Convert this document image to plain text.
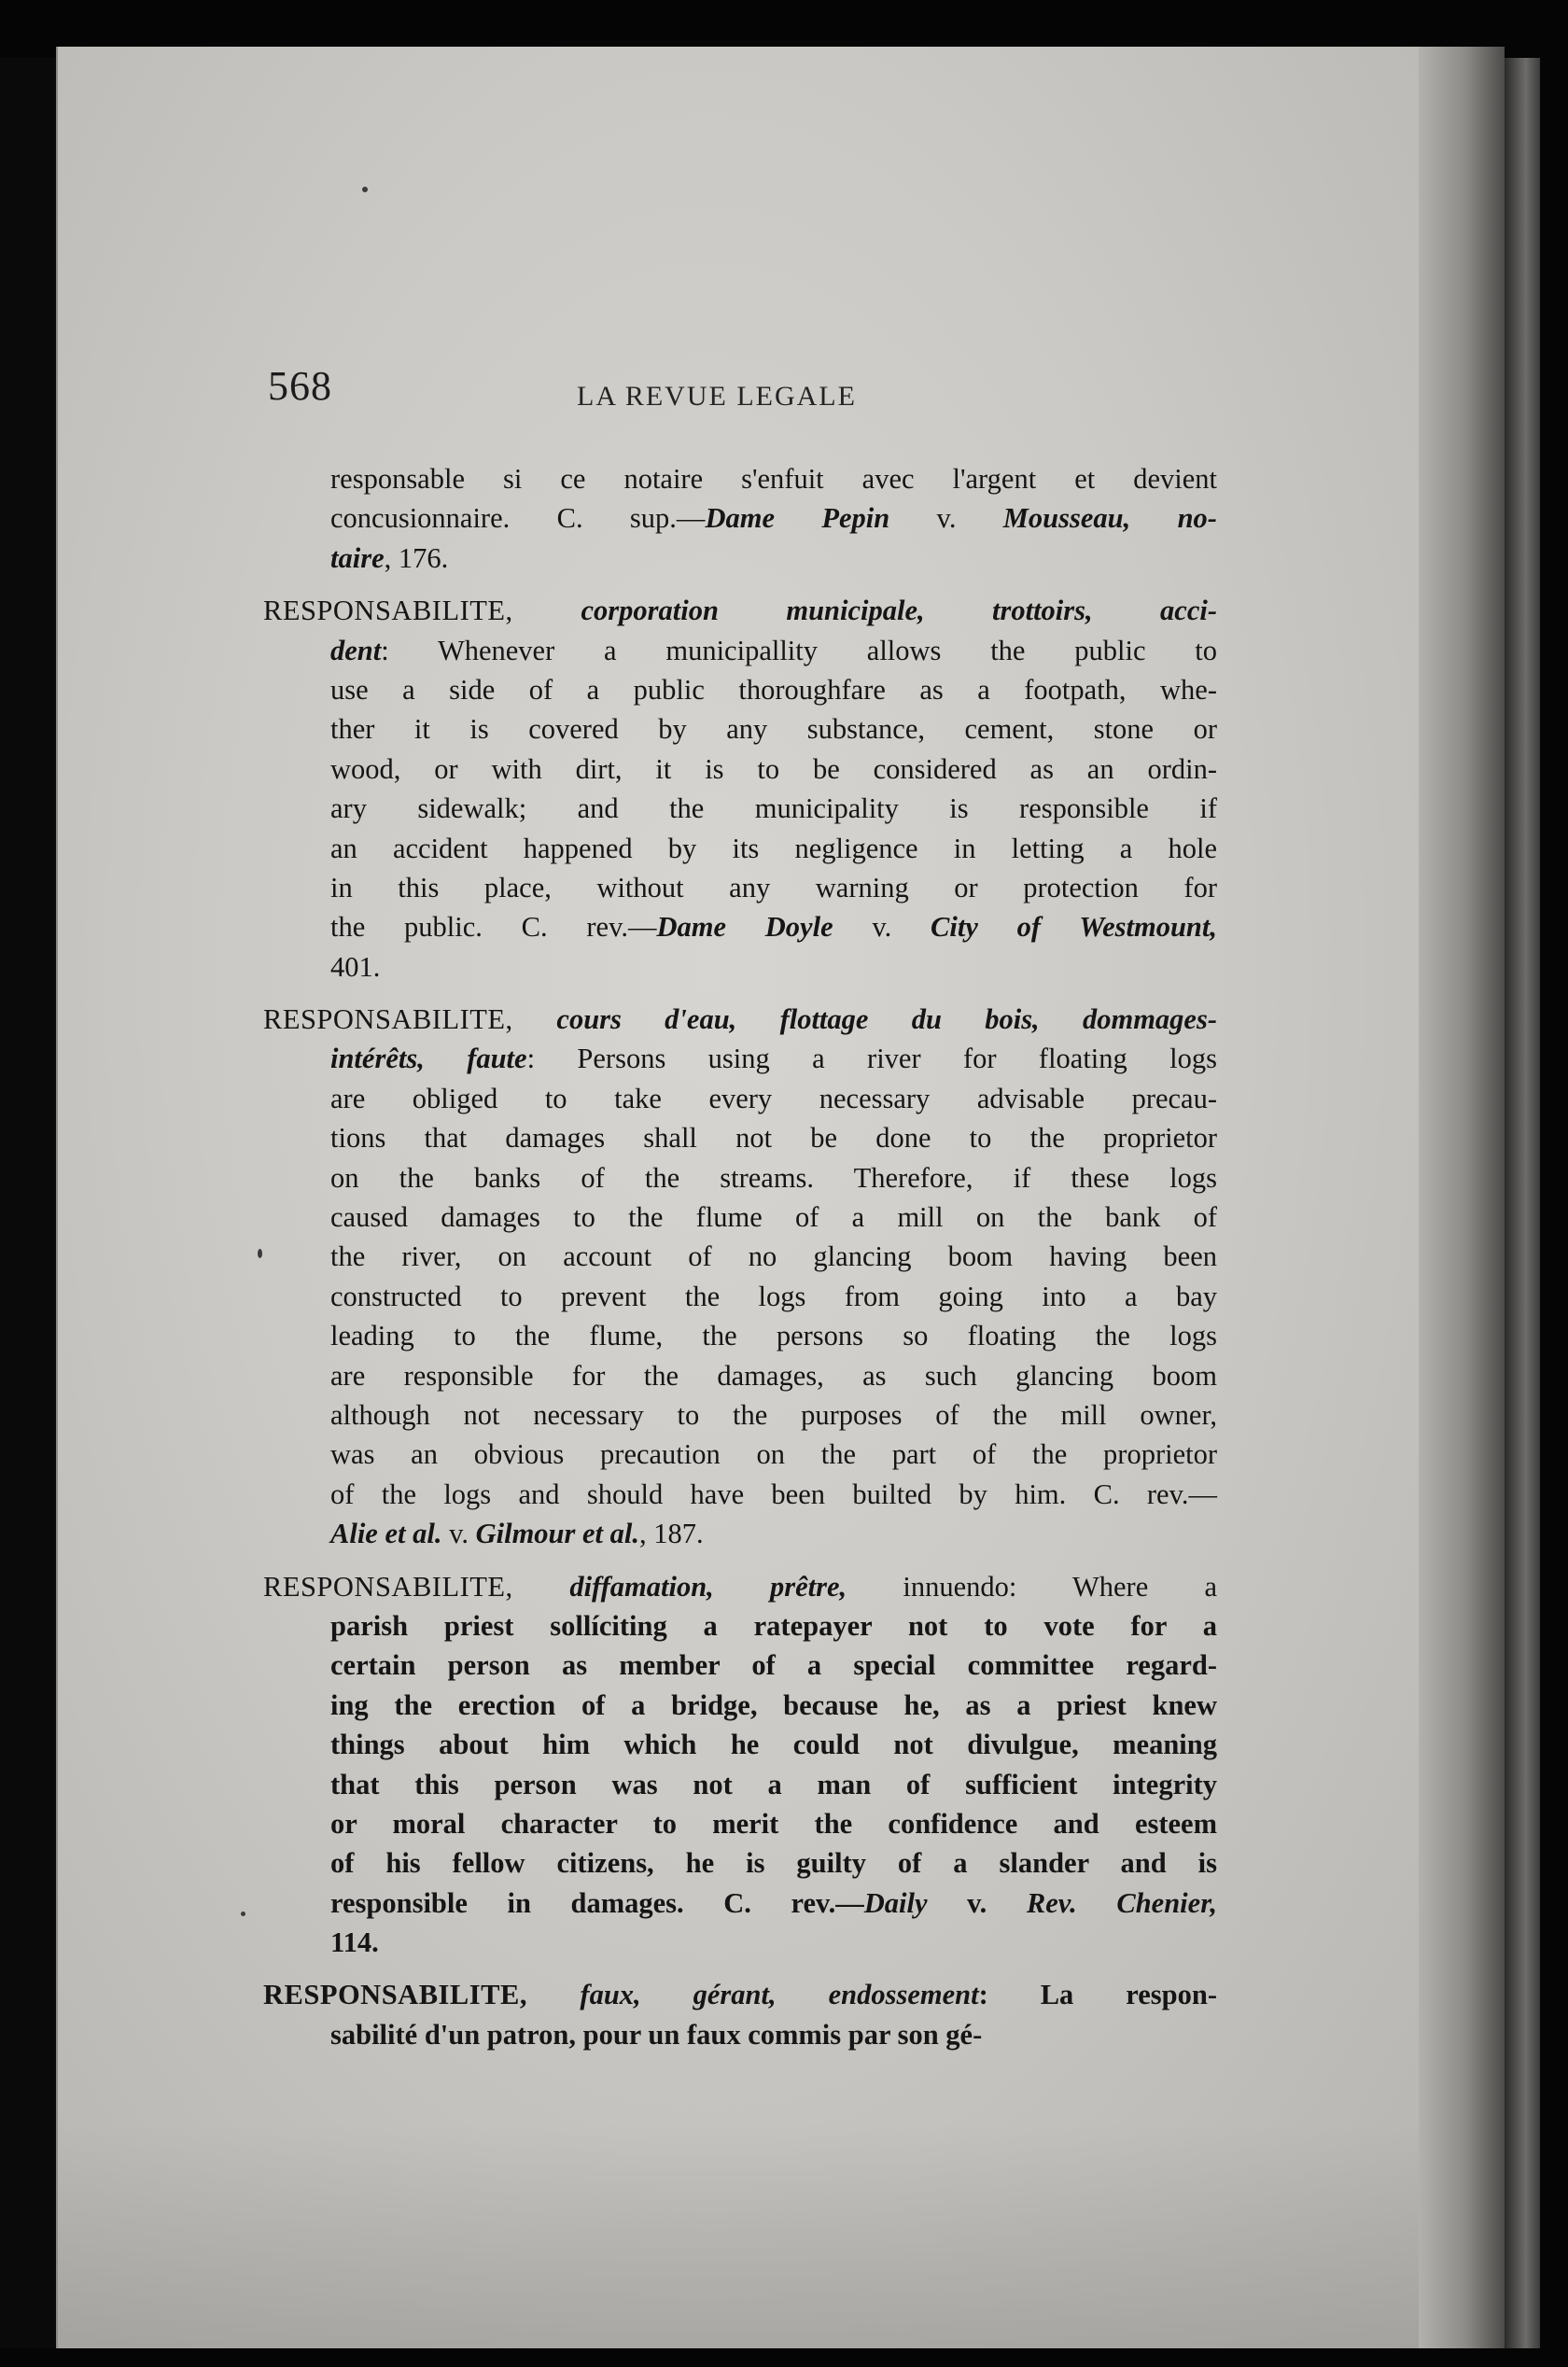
568	LA REVUE LEGALE
responsable si ce notaire s'enfuit avec l'argent et devient
concusionnaire. C. sup.—Dame Pepin v. Mousseau, no-
taire, 176.
RESPONSABILITE, corporation municipale, trottoirs, acci-
dent: Whenever a municipallity allows the public to
use a side of a public thoroughfare as a footpath, whe-
ther it is covered by any substance, cement, stone or
wood, or with dirt, it is to be considered as an ordin-
ary sidewalk; and the municipality is responsible if
an accident happened by its negligence in letting a hole
in this place, without any warning or protection for
the public. C. rev.—Dame Doyle v. City of Westmount,
401.
RESPONSABILITE, cours d'eau, flottage du bois, dommages-
intérêts, faute: Persons using a river for floating logs
are obliged to take every necessary advisable precau-
tions that damages shall not be done to the proprietor
on the banks of the streams. Therefore, if these logs
caused damages to the flume of a mill on the bank of
the river, on account of no glancing boom having been
constructed to prevent the logs from going into a bay
leading to the flume, the persons so floating the logs
are responsible for the damages, as such glancing boom
although not necessary to the purposes of the mill owner,
was an obvious precaution on the part of the proprietor
of the logs and should have been builted by him. C. rev.—
Alie et al. v. Gilmour et al., 187.
RESPONSABILITE, diffamation, prêtre, innuendo: Where a
parish priest sollíciting a ratepayer not to vote for a
certain person as member of a special committee regard-
ing the erection of a bridge, because he, as a priest knew
things about him which he could not divulgue, meaning
that this person was not a man of sufficient integrity
or moral character to merit the confidence and esteem
of his fellow citizens, he is guilty of a slander and is
responsible in damages. C. rev.—Daily v. Rev. Chenier,
114.
RESPONSABILITE, faux, gérant, endossement: La respon-
sabilité d'un patron, pour un faux commis par son gé-
